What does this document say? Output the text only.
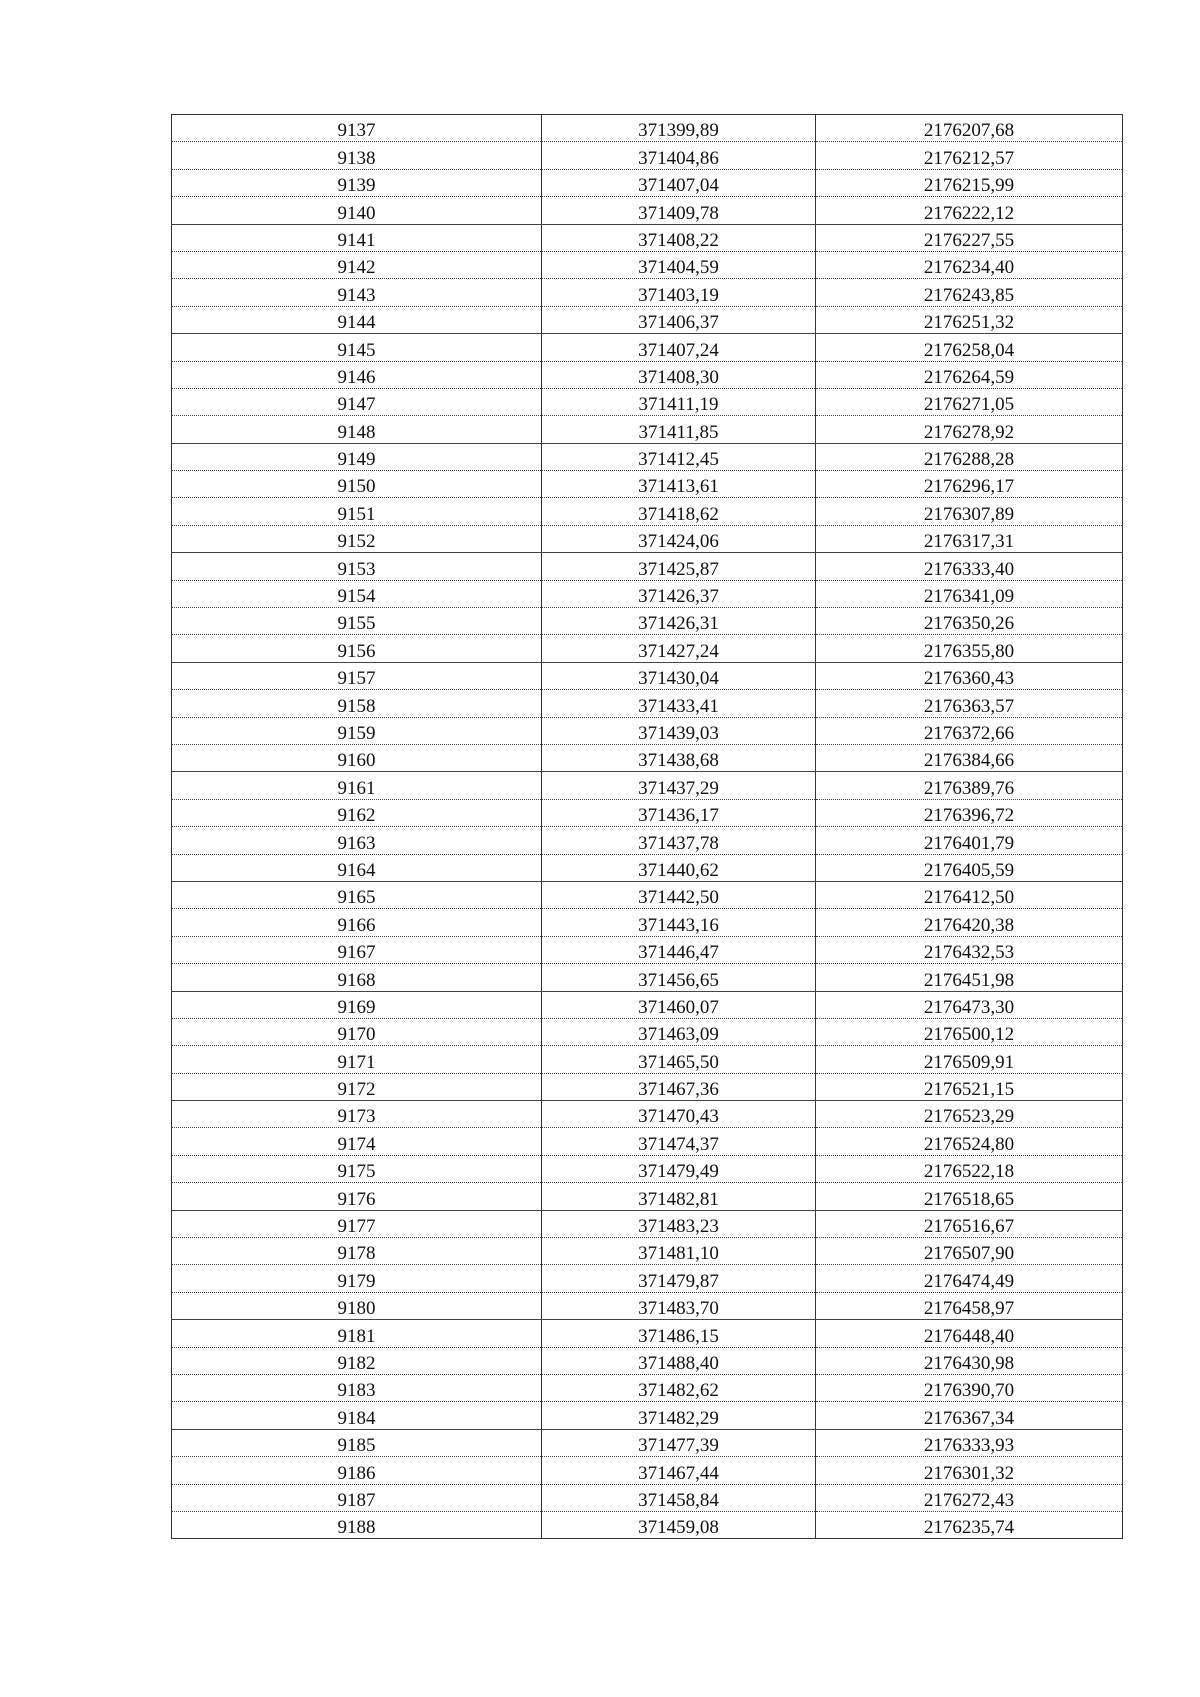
9137	371399,89	2176207,68
9138	371404,86	2176212,57
9139	371407,04	2176215,99
9140	371409,78	2176222,12
9141	371408,22	2176227,55
9142	371404,59	2176234,40
9143	371403,19	2176243,85
9144	371406,37	2176251,32
9145	371407,24	2176258,04
9146	371408,30	2176264,59
9147	371411,19	2176271,05
9148	371411,85	2176278,92
9149	371412,45	2176288,28
9150	371413,61	2176296,17
9151	371418,62	2176307,89
9152	371424,06	2176317,31
9153	371425,87	2176333,40
9154	371426,37	2176341,09
9155	371426,31	2176350,26
9156	371427,24	2176355,80
9157	371430,04	2176360,43
9158	371433,41	2176363,57
9159	371439,03	2176372,66
9160	371438,68	2176384,66
9161	371437,29	2176389,76
9162	371436,17	2176396,72
9163	371437,78	2176401,79
9164	371440,62	2176405,59
9165	371442,50	2176412,50
9166	371443,16	2176420,38
9167	371446,47	2176432,53
9168	371456,65	2176451,98
9169	371460,07	2176473,30
9170	371463,09	2176500,12
9171	371465,50	2176509,91
9172	371467,36	2176521,15
9173	371470,43	2176523,29
9174	371474,37	2176524,80
9175	371479,49	2176522,18
9176	371482,81	2176518,65
9177	371483,23	2176516,67
9178	371481,10	2176507,90
9179	371479,87	2176474,49
9180	371483,70	2176458,97
9181	371486,15	2176448,40
9182	371488,40	2176430,98
9183	371482,62	2176390,70
9184	371482,29	2176367,34
9185	371477,39	2176333,93
9186	371467,44	2176301,32
9187	371458,84	2176272,43
9188	371459,08	2176235,74
